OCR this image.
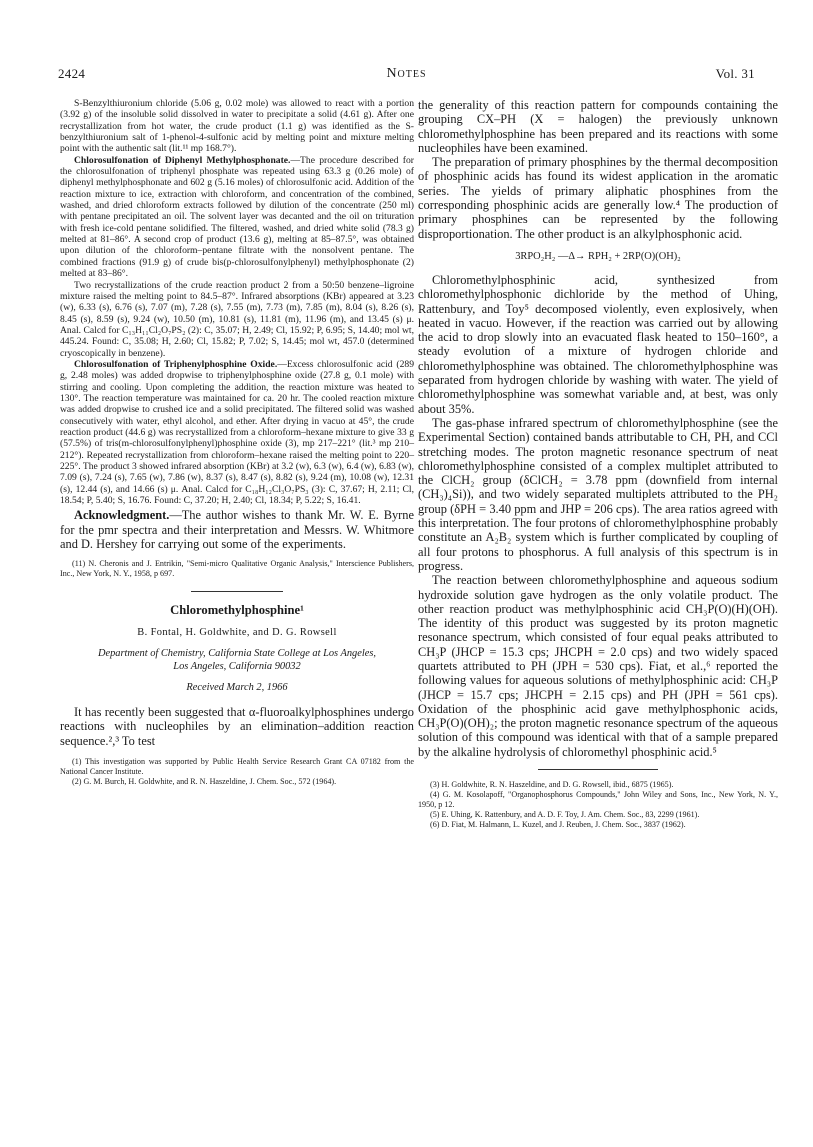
2424	Notes	Vol. 31

S-Benzylthiuronium chloride (5.06 g, 0.02 mole) was allowed to react with a portion (3.92 g) of the insoluble solid dissolved in water to precipitate a solid (4.61 g). After one recrystallization from hot water, the crude product (1.1 g) was identified as the S-benzylthiuronium salt of 1-phenol-4-sulfonic acid by melting point and mixture melting point with the authentic salt (lit.¹¹ mp 168.7°).

Chlorosulfonation of Diphenyl Methylphosphonate.—The procedure described for the chlorosulfonation of triphenyl phosphate was repeated using 63.3 g (0.26 mole) of diphenyl methylphosphonate and 602 g (5.16 moles) of chlorosulfonic acid. Addition of the reaction mixture to ice, extraction with chloroform, and concentration of the combined, washed, and dried chloroform extracts followed by dilution of the concentrate (250 ml) with pentane precipitated an oil. The solvent layer was decanted and the oil on trituration with fresh ice-cold pentane solidified. The filtered, washed, and dried white solid (78.3 g) melted at 81–86°. A second crop of product (13.6 g), melting at 85–87.5°, was obtained upon dilution of the chloroform–pentane filtrate with the nonsolvent pentane. The combined fractions (91.9 g) of crude bis(p-chlorosulfonylphenyl) methylphosphonate (2) melted at 83–86°.

Two recrystallizations of the crude reaction product 2 from a 50:50 benzene–ligroine mixture raised the melting point to 84.5–87°. Infrared absorptions (KBr) appeared at 3.23 (w), 6.33 (s), 6.76 (s), 7.07 (m), 7.28 (s), 7.55 (m), 7.73 (m), 7.85 (m), 8.04 (s), 8.26 (s), 8.45 (s), 8.59 (s), 9.24 (w), 10.50 (m), 10.81 (s), 11.81 (m), 11.96 (m), and 13.45 (s) μ. Anal. Calcd for C₁₃H₁₁Cl₂O₇PS₂ (2): C, 35.07; H, 2.49; Cl, 15.92; P, 6.95; S, 14.40; mol wt, 445.24. Found: C, 35.08; H, 2.60; Cl, 15.82; P, 7.02; S, 14.45; mol wt, 457.0 (determined cryoscopically in benzene).

Chlorosulfonation of Triphenylphosphine Oxide.—Excess chlorosulfonic acid (289 g, 2.48 moles) was added dropwise to triphenylphosphine oxide (27.8 g, 0.1 mole) with stirring and cooling. Upon completing the addition, the reaction mixture was heated to 130°. The reaction temperature was maintained for ca. 20 hr. The cooled reaction mixture was added dropwise to crushed ice and a solid precipitated. The filtered solid was washed consecutively with water, ethyl alcohol, and ether. After drying in vacuo at 45°, the crude reaction product (44.6 g) was recrystallized from a chloroform–hexane mixture to give 33 g (57.5%) of tris(m-chlorosulfonylphenyl)phosphine oxide (3), mp 217–221° (lit.³ mp 210–212°). Repeated recrystallization from chloroform–hexane raised the melting point to 220–225°. The product 3 showed infrared absorption (KBr) at 3.2 (w), 6.3 (w), 6.4 (w), 6.83 (w), 7.09 (s), 7.24 (s), 7.65 (w), 7.86 (w), 8.37 (s), 8.47 (s), 8.82 (s), 9.24 (m), 10.08 (w), 12.31 (s), 12.44 (s), and 14.66 (s) μ. Anal. Calcd for C₁₈H₁₂Cl₃O₇PS₃ (3): C, 37.67; H, 2.11; Cl, 18.54; P, 5.40; S, 16.76. Found: C, 37.20; H, 2.40; Cl, 18.34; P, 5.22; S, 16.41.

Acknowledgment.—The author wishes to thank Mr. W. E. Byrne for the pmr spectra and their interpretation and Messrs. W. Whitmore and D. Hershey for carrying out some of the experiments.

(11) N. Cheronis and J. Entrikin, "Semi-micro Qualitative Organic Analysis," Interscience Publishers, Inc., New York, N. Y., 1958, p 697.

Chloromethylphosphine¹
B. Fontal, H. Goldwhite, and D. G. Rowsell
Department of Chemistry, California State College at Los Angeles,
Los Angeles, California 90032
Received March 2, 1966

It has recently been suggested that α-fluoroalkylphosphines undergo reactions with nucleophiles by an elimination–addition reaction sequence.²,³ To test

(1) This investigation was supported by Public Health Service Research Grant CA 07182 from the National Cancer Institute.

(2) G. M. Burch, H. Goldwhite, and R. N. Haszeldine, J. Chem. Soc., 572 (1964).

the generality of this reaction pattern for compounds containing the grouping CX–PH (X = halogen) the previously unknown chloromethylphosphine has been prepared and its reactions with some nucleophiles have been examined.

The preparation of primary phosphines by the thermal decomposition of phosphinic acids has found its widest application in the aromatic series. The yields of primary aliphatic phosphines from the corresponding phosphinic acids are generally low.⁴ The production of primary phosphines can be represented by the following disproportionation. The other product is an alkylphosphonic acid.

3RPO₂H₂ —Δ→ RPH₂ + 2RP(O)(OH)₂

Chloromethylphosphinic acid, synthesized from chloromethylphosphonic dichloride by the method of Uhing, Rattenbury, and Toy⁵ decomposed violently, even explosively, when heated in vacuo. However, if the reaction was carried out by allowing the acid to drop slowly into an evacuated flask heated to 150–160°, a steady evolution of a mixture of hydrogen chloride and chloromethylphosphine was obtained. The chloromethylphosphine was separated from hydrogen chloride by washing with water. The yield of chloromethylphosphine was somewhat variable and, at best, was only about 35%.

The gas-phase infrared spectrum of chloromethylphosphine (see the Experimental Section) contained bands attributable to CH, PH, and CCl stretching modes. The proton magnetic resonance spectrum of neat chloromethylphosphine consisted of a complex multiplet attributed to the ClCH₂ group (δClCH₂ = 3.78 ppm (downfield from internal (CH₃)₄Si)), and two widely separated multiplets attributed to the PH₂ group (δPH = 3.40 ppm and JHP = 206 cps). The area ratios agreed with this interpretation. The four protons of chloromethylphosphine probably constitute an A₂B₂ system which is further complicated by coupling of all four protons to phosphorus. A full analysis of this spectrum is in progress.

The reaction between chloromethylphosphine and aqueous sodium hydroxide solution gave hydrogen as the only volatile product. The other reaction product was methylphosphinic acid CH₃P(O)(H)(OH). The identity of this product was suggested by its proton magnetic resonance spectrum, which consisted of four equal peaks attributed to CH₃P (JHCP = 15.3 cps; JHCPH = 2.0 cps) and two widely spaced quartets attributed to PH (JPH = 530 cps). Fiat, et al.,⁶ reported the following values for aqueous solutions of methylphosphinic acid: CH₃P (JHCP = 15.7 cps; JHCPH = 2.15 cps) and PH (JPH = 561 cps). Oxidation of the phosphinic acid gave methylphosphonic acids, CH₃P(O)(OH)₂; the proton magnetic resonance spectrum of the aqueous solution of this compound was identical with that of a sample prepared by the alkaline hydrolysis of chloromethyl phosphinic acid.⁵

(3) H. Goldwhite, R. N. Haszeldine, and D. G. Rowsell, ibid., 6875 (1965).

(4) G. M. Kosolapoff, "Organophosphorus Compounds," John Wiley and Sons, Inc., New York, N. Y., 1950, p 12.

(5) E. Uhing, K. Rattenbury, and A. D. F. Toy, J. Am. Chem. Soc., 83, 2299 (1961).

(6) D. Fiat, M. Halmann, L. Kuzel, and J. Reuben, J. Chem. Soc., 3837 (1962).
